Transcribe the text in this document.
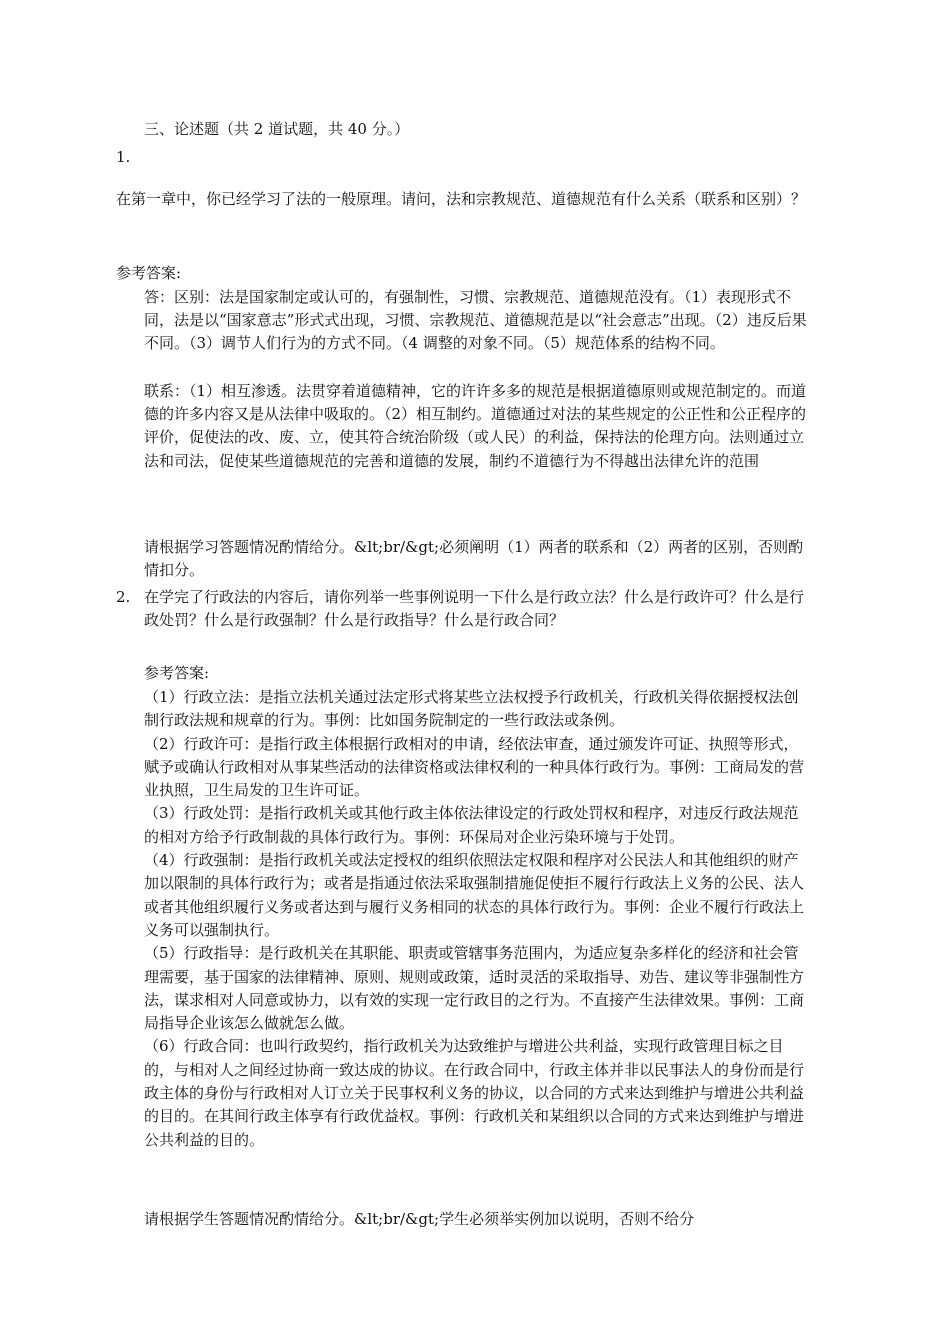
三、论述题（共 2 道试题，共 40 分。）
1.
在第一章中，你已经学习了法的一般原理。请问，法和宗教规范、道德规范有什么关系（联系和区别）？
参考答案:

答：区别：法是国家制定或认可的，有强制性，习惯、宗教规范、道德规范没有。（1）表现形式不同，法是以“国家意志”形式式出现，习惯、宗教规范、道德规范是以“社会意志”出现。（2）违反后果不同。（3）调节人们行为的方式不同。（4 调整的对象不同。（5）规范体系的结构不同。

联系：（1）相互渗透。法贯穿着道德精神，它的许许多多的规范是根据道德原则或规范制定的。而道德的许多内容又是从法律中吸取的。（2）相互制约。道德通过对法的某些规定的公正性和公正程序的评价，促使法的改、废、立，使其符合统治阶级（或人民）的利益，保持法的伦理方向。法则通过立法和司法，促使某些道德规范的完善和道德的发展，制约不道德行为不得越出法律允许的范围

请根据学习答题情况酌情给分。&lt;br/&gt;必须阐明（1）两者的联系和（2）两者的区别，否则酌情扣分。

2. 在学完了行政法的内容后，请你列举一些事例说明一下什么是行政立法？什么是行政许可？什么是行政处罚？什么是行政强制？什么是行政指导？什么是行政合同？

参考答案:

（1）行政立法：是指立法机关通过法定形式将某些立法权授予行政机关，行政机关得依据授权法创制行政法规和规章的行为。事例：比如国务院制定的一些行政法或条例。

（2）行政许可：是指行政主体根据行政相对的申请，经依法审查，通过颁发许可证、执照等形式，赋予或确认行政相对从事某些活动的法律资格或法律权利的一种具体行政行为。事例：工商局发的营业执照，卫生局发的卫生许可证。

（3）行政处罚：是指行政机关或其他行政主体依法律设定的行政处罚权和程序，对违反行政法规范的相对方给予行政制裁的具体行政行为。事例：环保局对企业污染环境与于处罚。

（4）行政强制：是指行政机关或法定授权的组织依照法定权限和程序对公民法人和其他组织的财产加以限制的具体行政行为；或者是指通过依法采取强制措施促使拒不履行行政法上义务的公民、法人或者其他组织履行义务或者达到与履行义务相同的状态的具体行政行为。事例：企业不履行行政法上义务可以强制执行。

（5）行政指导：是行政机关在其职能、职责或管辖事务范围内，为适应复杂多样化的经济和社会管理需要，基于国家的法律精神、原则、规则或政策，适时灵活的采取指导、劝告、建议等非强制性方法，谋求相对人同意或协力，以有效的实现一定行政目的之行为。不直接产生法律效果。事例：工商局指导企业该怎么做就怎么做。

（6）行政合同：也叫行政契约，指行政机关为达致维护与增进公共利益，实现行政管理目标之目的，与相对人之间经过协商一致达成的协议。在行政合同中，行政主体并非以民事法人的身份而是行政主体的身份与行政相对人订立关于民事权利义务的协议，以合同的方式来达到维护与增进公共利益的目的。在其间行政主体享有行政优益权。事例：行政机关和某组织以合同的方式来达到维护与增进公共利益的目的。

请根据学生答题情况酌情给分。&lt;br/&gt;学生必须举实例加以说明，否则不给分
